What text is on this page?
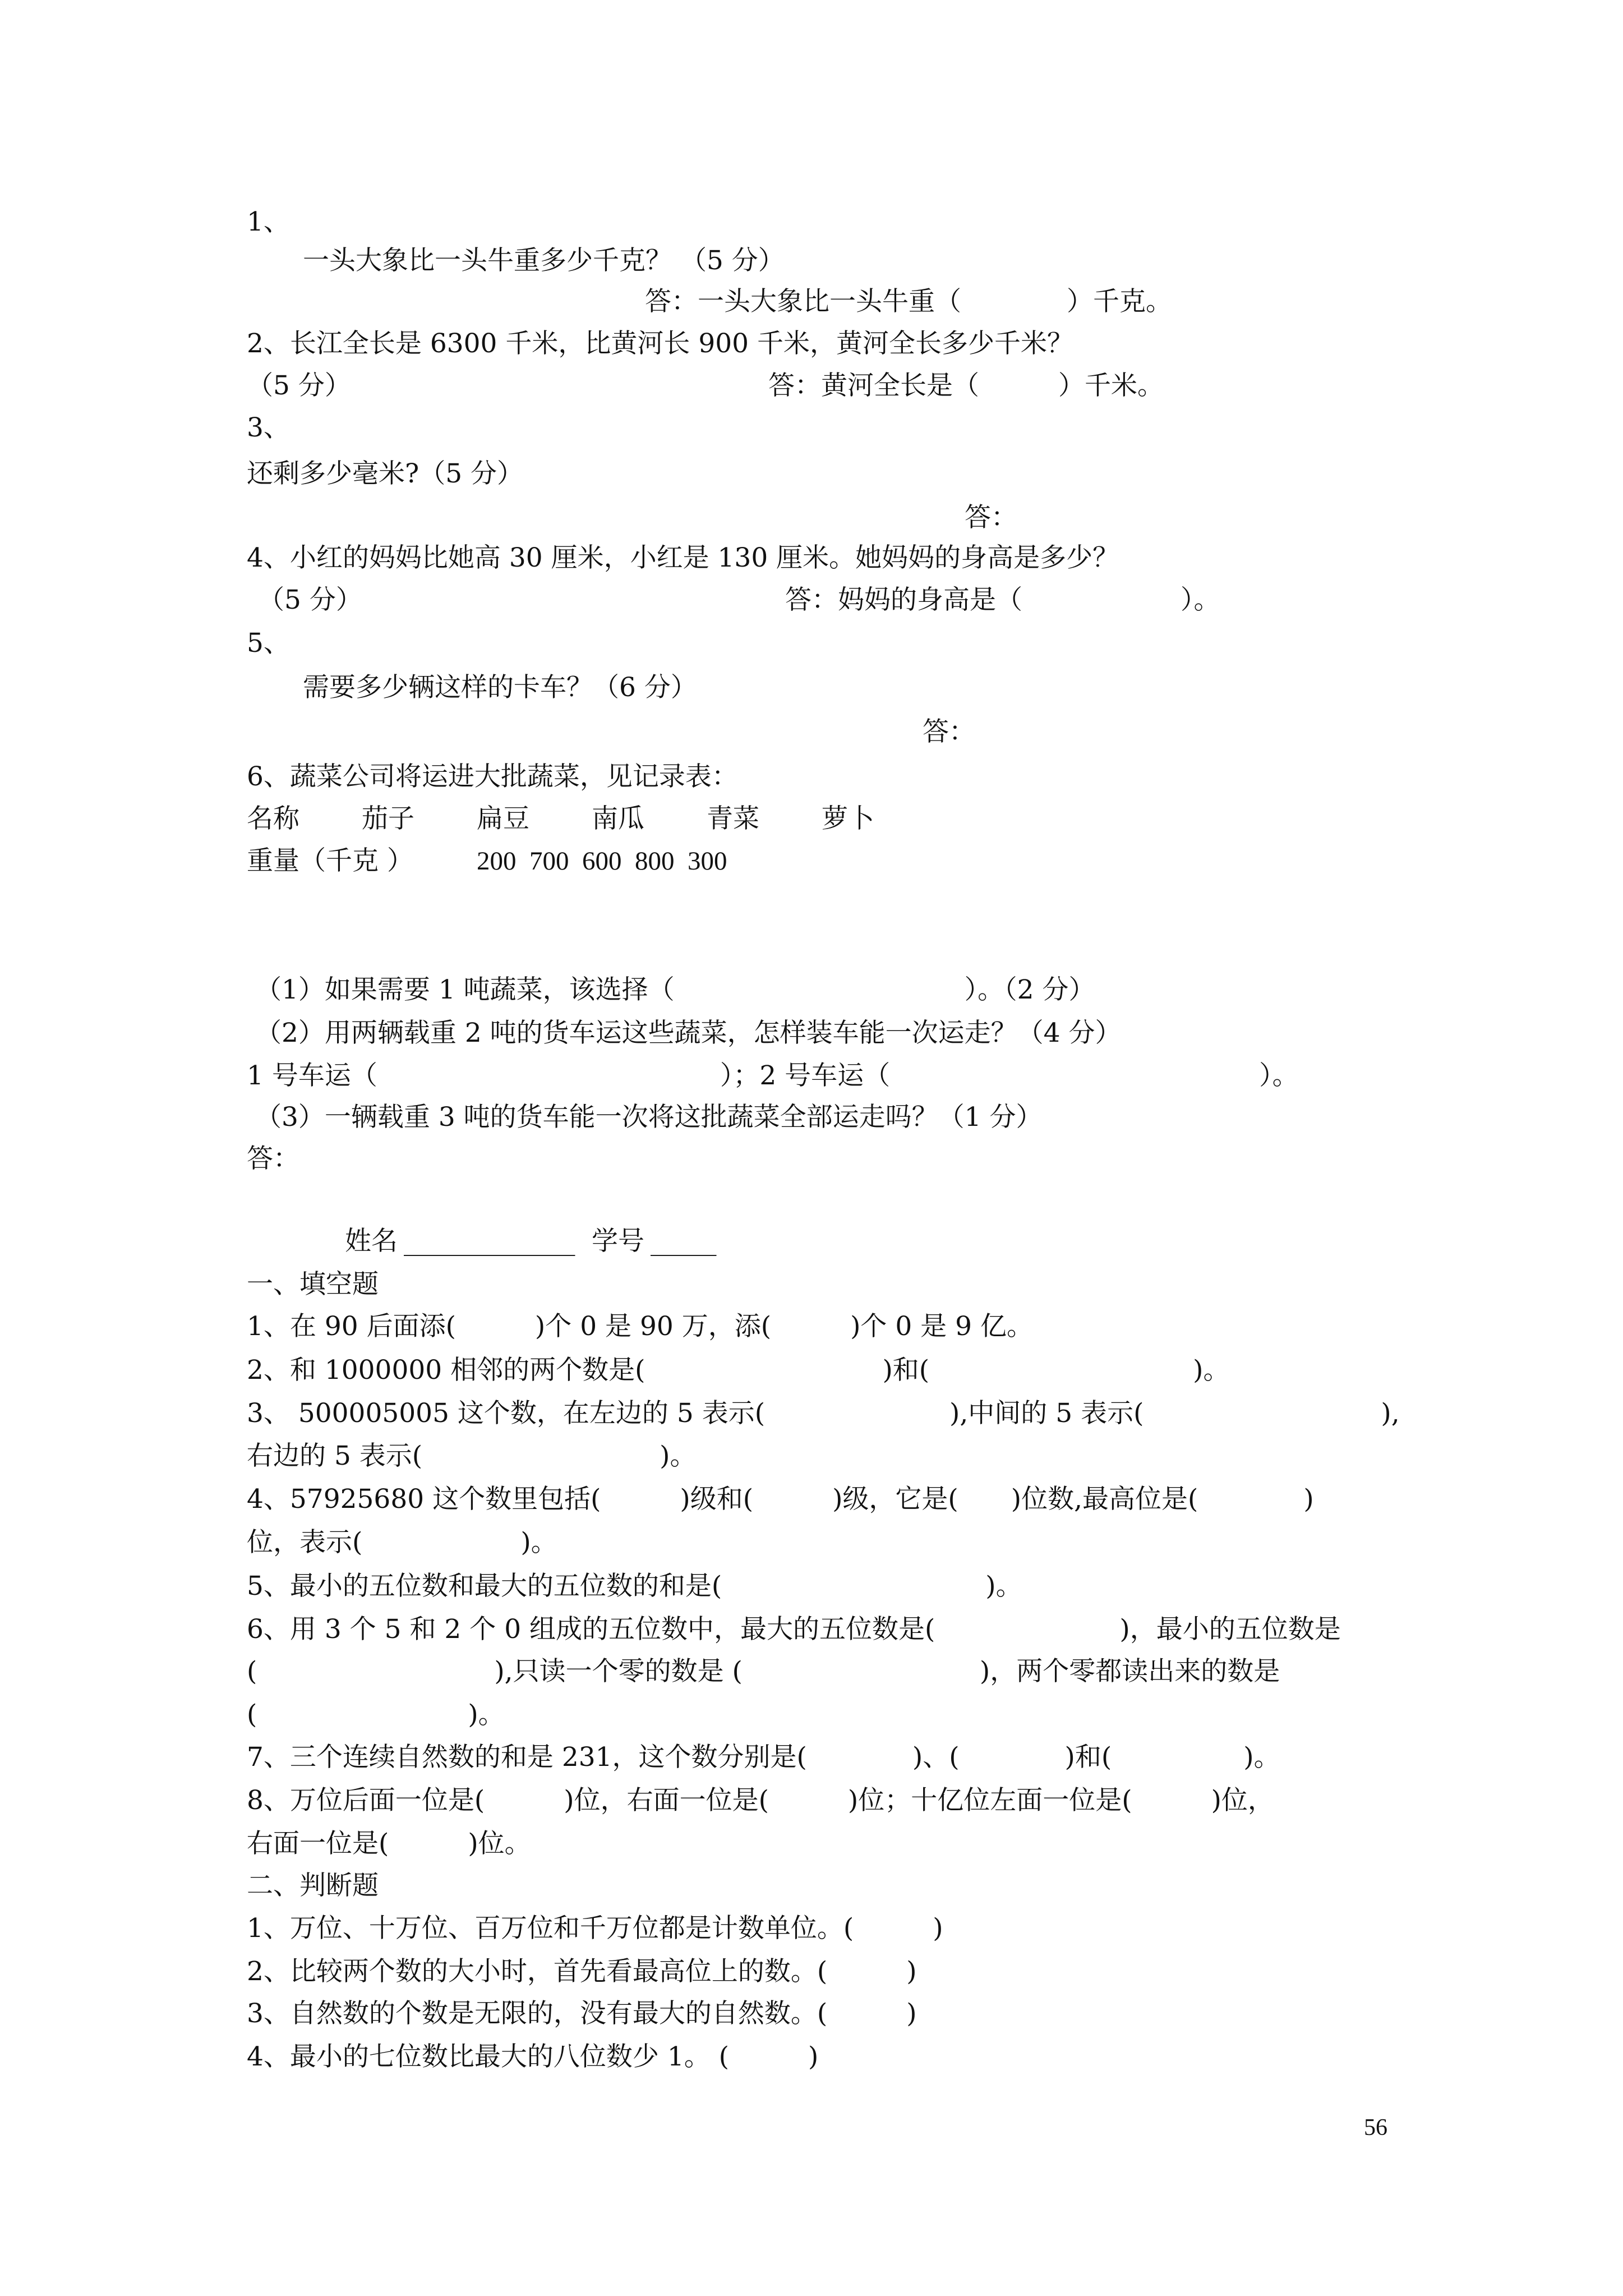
1、
一头大象比一头牛重多少千克？ （5 分）
答：一头大象比一头牛重（　　　　）千克。
2、长江全长是 6300 千米，比黄河长 900 千米，黄河全长多少千米？
（5 分）	答：黄河全长是（　　　）千米。
3、
还剩多少毫米?（5 分）
答：
4、小红的妈妈比她高 30 厘米，小红是 130 厘米。她妈妈的身高是多少？
（5 分）	答：妈妈的身高是（　　　　　　）。
5、
需要多少辆这样的卡车？（6 分）
答：
6、蔬菜公司将运进大批蔬菜，见记录表：
名称 茄子 扁豆 南瓜 青菜 萝卜
重量（千克 ） 200  700  600  800  300
（1）如果需要 1 吨蔬菜，该选择（　　　　　　　　　　　）。（2 分）
（2）用两辆载重 2 吨的货车运这些蔬菜，怎样装车能一次运走？（4 分）
1 号车运（　　　　　　　　　　　　　）；2 号车运（　　　　　　　　　　　　　　）。
（3）一辆载重 3 吨的货车能一次将这批蔬菜全部运走吗？（1 分）
答：
姓名 _____________ 学号 _____
一、填空题
1、在 90 后面添(　　　)个 0 是 90 万，添(　　　)个 0 是 9 亿。
2、和 1000000 相邻的两个数是(　　　　　　　　　)和(　　　　　　　　　　)。
3、 500005005 这个数，在左边的 5 表示(　　　　　　　),中间的 5 表示(　　　　　　　　　),
右边的 5 表示(　　　　　　　　　)。
4、57925680 这个数里包括(　　　)级和(　　　)级，它是(　　)位数,最高位是(　　　　)
位，表示(　　　　　　)。
5、最小的五位数和最大的五位数的和是(　　　　　　　　　　)。
6、用 3 个 5 和 2 个 0 组成的五位数中，最大的五位数是(　　　　　　　)，最小的五位数是
(　　　　　　　　　),只读一个零的数是 (　　　　　　　　　)，两个零都读出来的数是
(　　　　　　　　)。
7、三个连续自然数的和是 231，这个数分别是(　　　　)、(　　　　)和(　　　　　)。
8、万位后面一位是(　　　)位，右面一位是(　　　)位；十亿位左面一位是(　　　)位，
右面一位是(　　　)位。
二、判断题
1、万位、十万位、百万位和千万位都是计数单位。(　　　)
2、比较两个数的大小时，首先看最高位上的数。(　　　)
3、自然数的个数是无限的，没有最大的自然数。(　　　)
4、最小的七位数比最大的八位数少 1。 (　　　)
56
